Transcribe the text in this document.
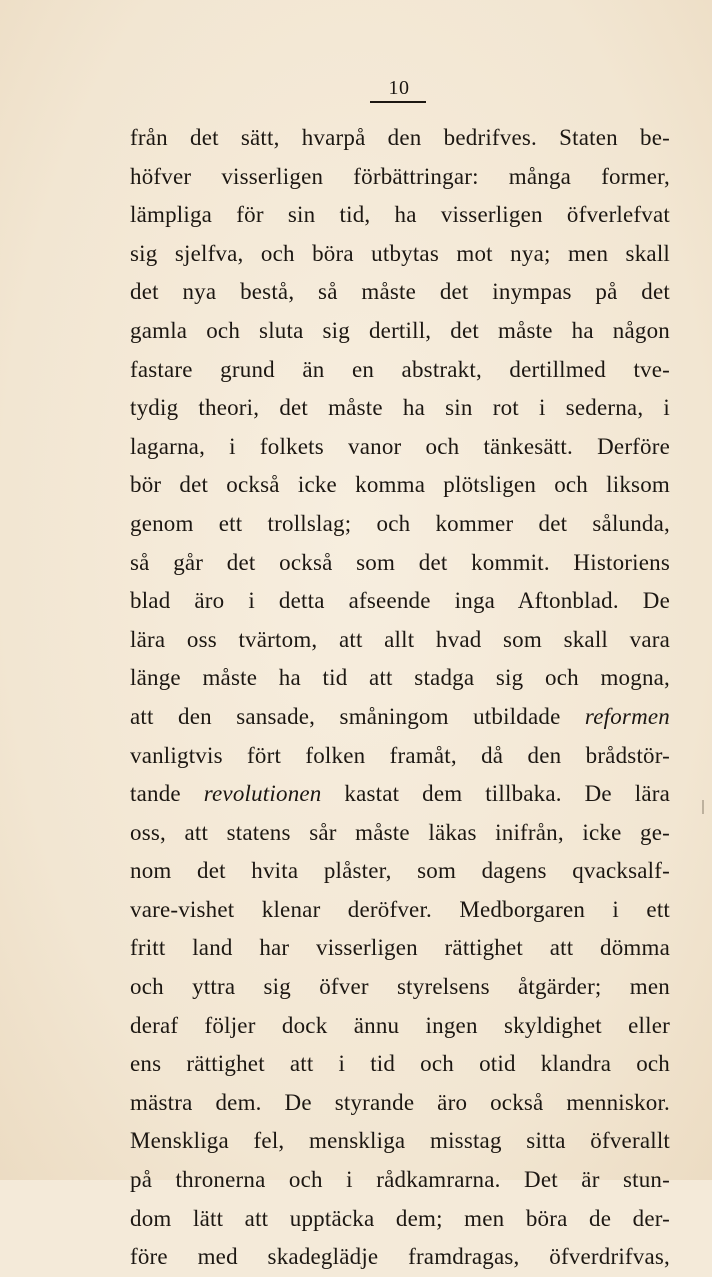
10
från det sätt, hvarpå den bedrifves. Staten be-
höfver visserligen förbättringar: många former,
lämpliga för sin tid, ha visserligen öfverlefvat
sig sjelfva, och böra utbytas mot nya; men skall
det nya bestå, så måste det inympas på det
gamla och sluta sig dertill, det måste ha någon
fastare grund än en abstrakt, dertillmed tve-
tydig theori, det måste ha sin rot i sederna, i
lagarna, i folkets vanor och tänkesätt. Derföre
bör det också icke komma plötsligen och liksom
genom ett trollslag; och kommer det sålunda,
så går det också som det kommit. Historiens
blad äro i detta afseende inga Aftonblad. De
lära oss tvärtom, att allt hvad som skall vara
länge måste ha tid att stadga sig och mogna,
att den sansade, småningom utbildade reformen
vanligtvis fört folken framåt, då den brådstör-
tande revolutionen kastat dem tillbaka. De lära
oss, att statens sår måste läkas inifrån, icke ge-
nom det hvita plåster, som dagens qvacksalf-
vare-vishet klenar deröfver. Medborgaren i ett
fritt land har visserligen rättighet att dömma
och yttra sig öfver styrelsens åtgärder; men
deraf följer dock ännu ingen skyldighet eller
ens rättighet att i tid och otid klandra och
mästra dem. De styrande äro också menniskor.
Menskliga fel, menskliga misstag sitta öfverallt
på thronerna och i rådkamrarna. Det är stun-
dom lätt att upptäcka dem; men böra de der-
före med skadeglädje framdragas, öfverdrifvas,
